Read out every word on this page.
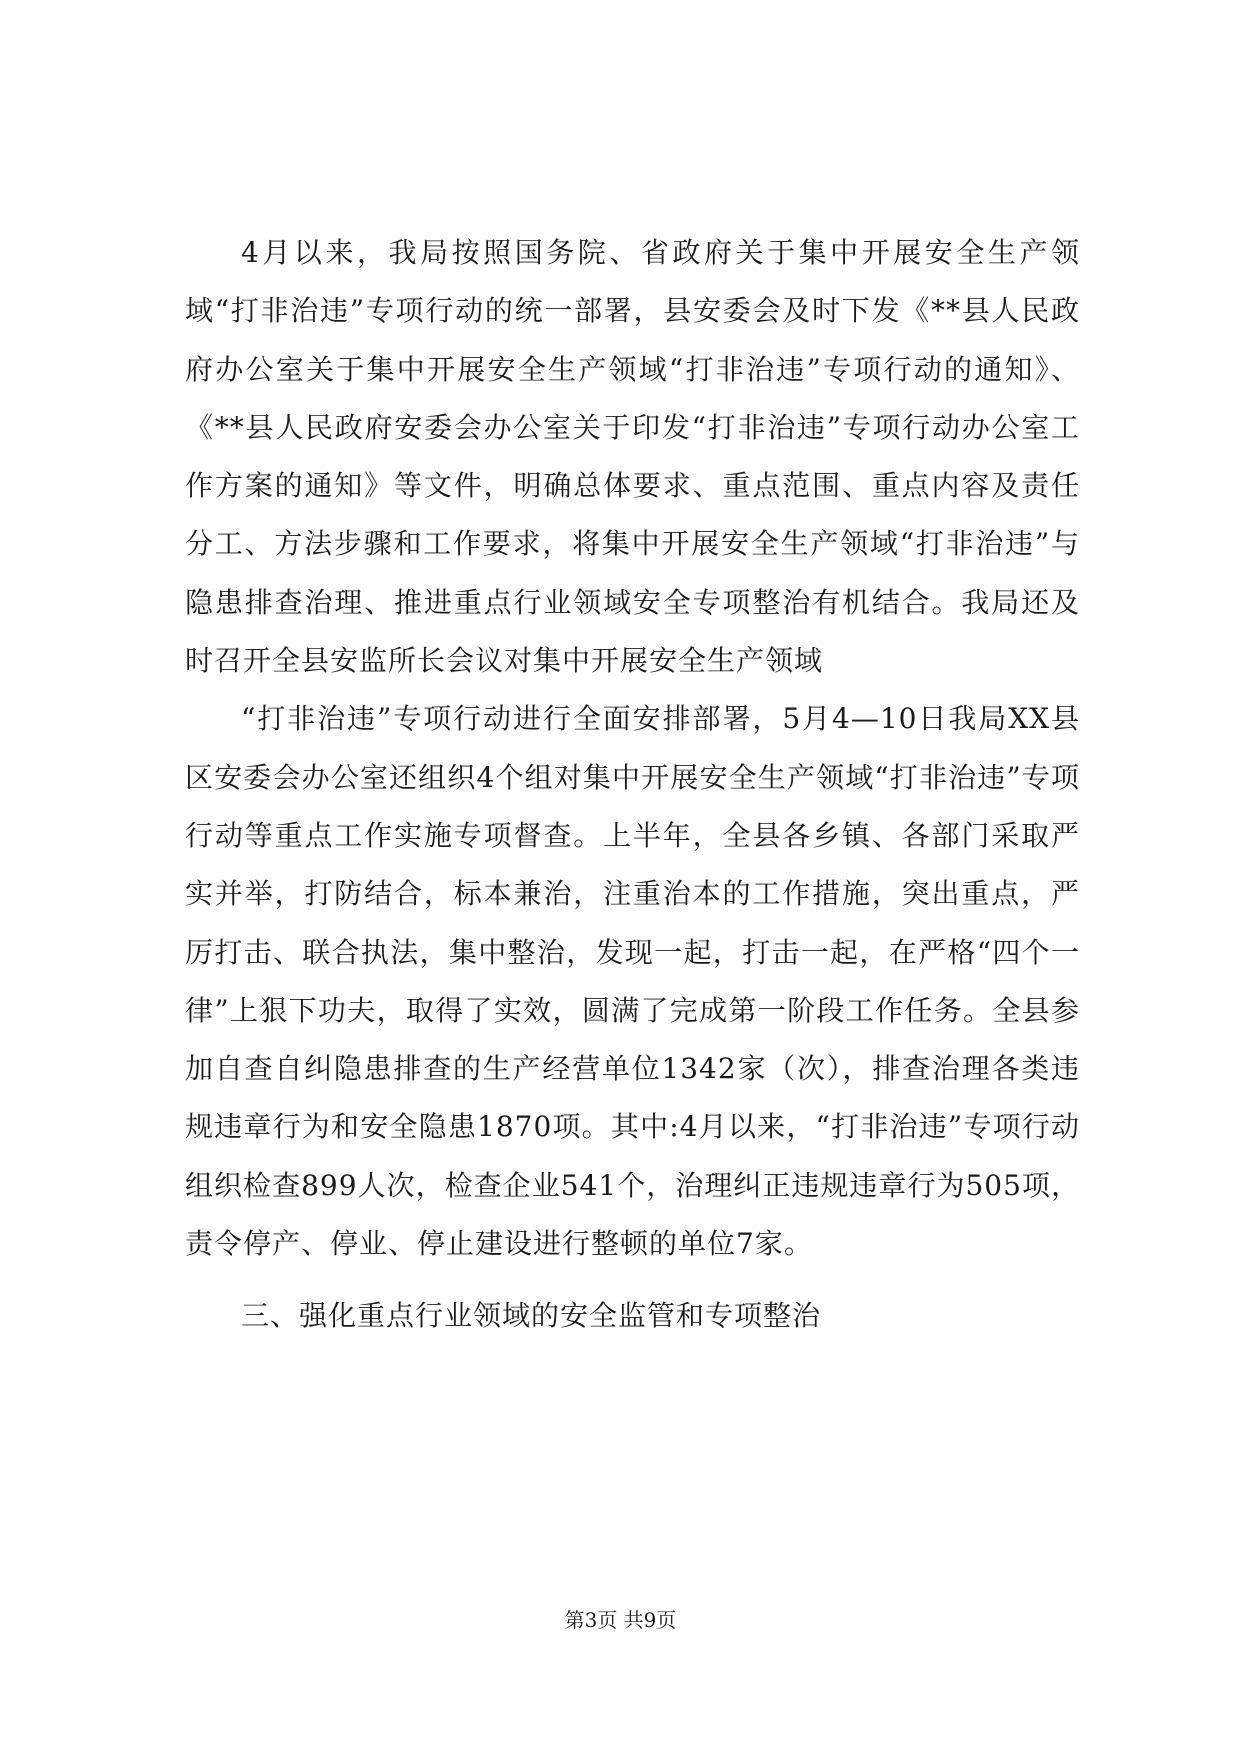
4月以来，我局按照国务院、省政府关于集中开展安全生产领域“打非治违”专项行动的统一部署，县安委会及时下发《**县人民政府办公室关于集中开展安全生产领域“打非治违”专项行动的通知》、《**县人民政府安委会办公室关于印发“打非治违”专项行动办公室工作方案的通知》等文件，明确总体要求、重点范围、重点内容及责任分工、方法步骤和工作要求，将集中开展安全生产领域“打非治违”与隐患排查治理、推进重点行业领域安全专项整治有机结合。我局还及时召开全县安监所长会议对集中开展安全生产领域

“打非治违”专项行动进行全面安排部署，5月4—10日我局XX县区安委会办公室还组织4个组对集中开展安全生产领域“打非治违”专项行动等重点工作实施专项督查。上半年，全县各乡镇、各部门采取严实并举，打防结合，标本兼治，注重治本的工作措施，突出重点，严厉打击、联合执法，集中整治，发现一起，打击一起，在严格“四个一律”上狠下功夫，取得了实效，圆满了完成第一阶段工作任务。全县参加自查自纠隐患排查的生产经营单位1342家（次），排查治理各类违规违章行为和安全隐患1870项。其中:4月以来，“打非治违”专项行动组织检查899人次，检查企业541个，治理纠正违规违章行为505项，责令停产、停业、停止建设进行整顿的单位7家。

三、强化重点行业领域的安全监管和专项整治

第3页 共9页
